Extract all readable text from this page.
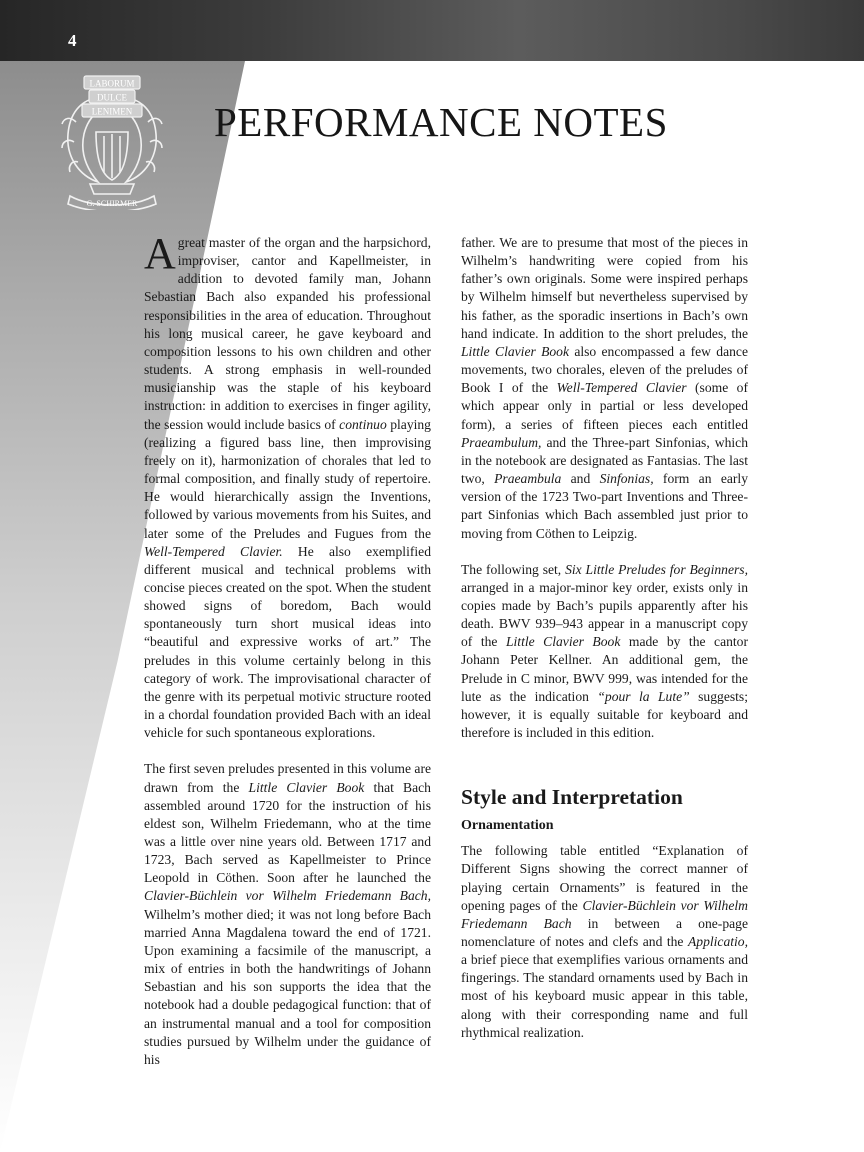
4
LABORUM
DULCE
LENIMEN
G. SCHIRMER
PERFORMANCE NOTES

Agreat master of the organ and the harpsichord, improviser, cantor and Kapellmeister, in addition to devoted family man, Johann Sebastian Bach also expanded his professional responsibilities in the area of education. Throughout his long musical career, he gave keyboard and composition lessons to his own children and other students. A strong emphasis in well-rounded musicianship was the staple of his keyboard instruction: in addition to exercises in finger agility, the session would include basics of continuo playing (realizing a figured bass line, then improvising freely on it), harmonization of chorales that led to formal composition, and finally study of repertoire. He would hierarchically assign the Inventions, followed by various movements from his Suites, and later some of the Preludes and Fugues from the Well-Tempered Clavier. He also exemplified different musical and technical problems with concise pieces created on the spot. When the student showed signs of boredom, Bach would spontaneously turn short musical ideas into “beautiful and expressive works of art.” The preludes in this volume certainly belong in this category of work. The improvisational character of the genre with its perpetual motivic structure rooted in a chordal foundation provided Bach with an ideal vehicle for such spontaneous explorations.

The first seven preludes presented in this volume are drawn from the Little Clavier Book that Bach assembled around 1720 for the instruction of his eldest son, Wilhelm Friedemann, who at the time was a little over nine years old. Between 1717 and 1723, Bach served as Kapellmeister to Prince Leopold in Cöthen. Soon after he launched the Clavier-Büchlein vor Wilhelm Friedemann Bach, Wilhelm’s mother died; it was not long before Bach married Anna Magdalena toward the end of 1721. Upon examining a facsimile of the manuscript, a mix of entries in both the handwritings of Johann Sebastian and his son supports the idea that the notebook had a double pedagogical function: that of an instrumental manual and a tool for composition studies pursued by Wilhelm under the guidance of his

father. We are to presume that most of the pieces in Wilhelm’s handwriting were copied from his father’s own originals. Some were inspired perhaps by Wilhelm himself but nevertheless supervised by his father, as the sporadic insertions in Bach’s own hand indicate. In addition to the short preludes, the Little Clavier Book also encompassed a few dance movements, two chorales, eleven of the preludes of Book I of the Well-Tempered Clavier (some of which appear only in partial or less developed form), a series of fifteen pieces each entitled Praeambulum, and the Three-part Sinfonias, which in the notebook are designated as Fantasias. The last two, Praeambula and Sinfonias, form an early version of the 1723 Two-part Inventions and Three-part Sinfonias which Bach assembled just prior to moving from Cöthen to Leipzig.

The following set, Six Little Preludes for Beginners, arranged in a major-minor key order, exists only in copies made by Bach’s pupils apparently after his death. BWV 939–943 appear in a manuscript copy of the Little Clavier Book made by the cantor Johann Peter Kellner. An additional gem, the Prelude in C minor, BWV 999, was intended for the lute as the indication “pour la Lute” suggests; however, it is equally suitable for keyboard and therefore is included in this edition.

Style and Interpretation
Ornamentation

The following table entitled “Explanation of Different Signs showing the correct manner of playing certain Ornaments” is featured in the opening pages of the Clavier-Büchlein vor Wilhelm Friedemann Bach in between a one-page nomenclature of notes and clefs and the Applicatio, a brief piece that exemplifies various ornaments and fingerings. The standard ornaments used by Bach in most of his keyboard music appear in this table, along with their corresponding name and full rhythmical realization.
